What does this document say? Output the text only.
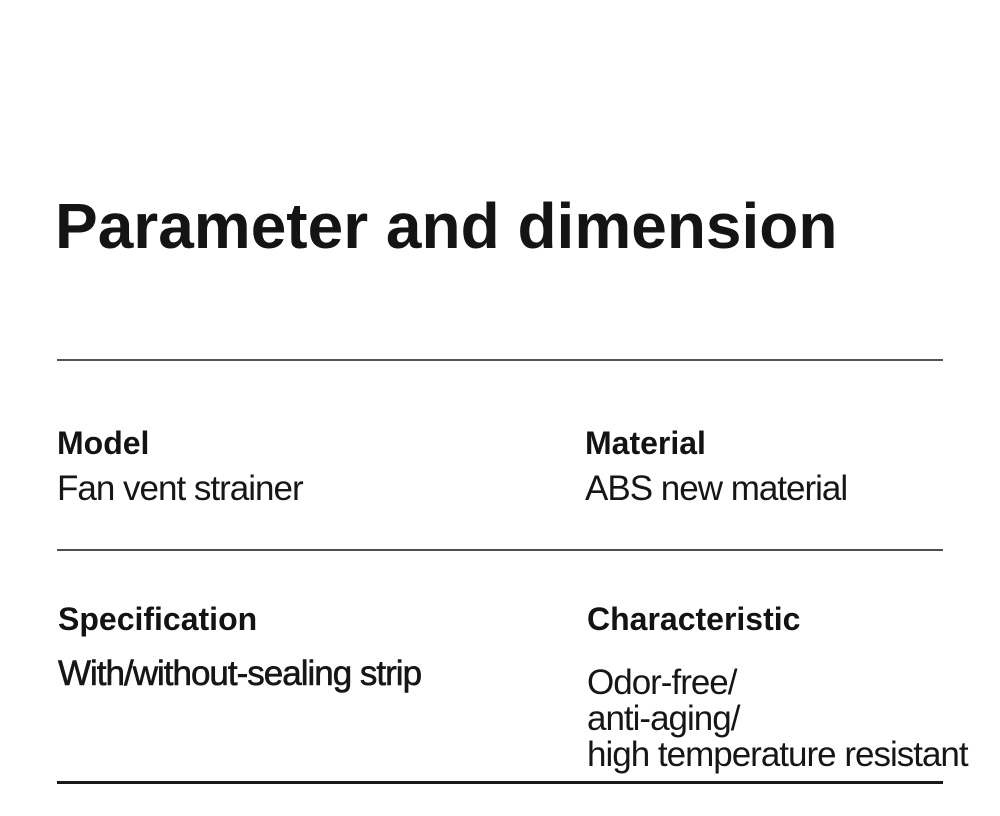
Parameter and dimension
Model
Fan vent strainer
Material
ABS new material
Specification
With/without-sealing strip
Characteristic
Odor-free/
anti-aging/
high temperature resistant
